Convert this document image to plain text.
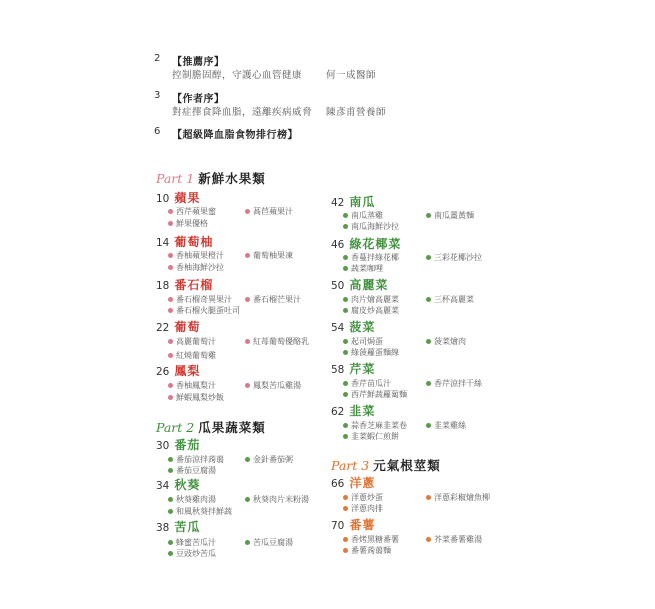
2 【推薦序】
控制膽固醇，守護心血管健康	何一成醫師
3 【作者序】
對症擇食降血脂，遠離疾病威脅 陳彥甫營養師
6 【超級降血脂食物排行榜】
Part 1 新鮮水果類
10 蘋果
西芹蘋果蜜	萵苣蘋果汁
鮮果優格
14 葡萄柚
香柚蘋果橙汁	葡萄柚果凍
香柚海鮮沙拉
18 番石榴
番石榴奇異果汁	番石榴芒果汁
番石榴火腿蛋吐司
22 葡萄
高麗葡萄汁	紅苺葡萄優酪乳
紅燒葡萄雞
26 鳳梨
香柚鳳梨汁	鳳梨苦瓜雞湯
鮮蝦鳳梨炒飯
Part 2 瓜果蔬菜類
30 番茄
番茄涼拌蒟蒻	金針番茄粥
番茄豆腐湯
34 秋葵
秋葵雞肉湯	秋葵肉片米粉湯
和風秋葵拌鮮蔬
38 苦瓜
蜂蜜苦瓜汁	苦瓜豆腐湯
豆豉炒苦瓜
42 南瓜
南瓜蒸雞	南瓜薑黃麵
南瓜海鮮沙拉
46 綠花椰菜
香蔓拌綠花椰	三彩花椰沙拉
蔬菜咖哩
50 高麗菜
肉片燴高麗菜	三杯高麗菜
腐皮炒高麗菜
54 菠菜
起司焗蛋	菠菜燴肉
綠菠蘿蛋麵線
58 芹菜
香芹苗瓜汁	香芹涼拌干絲
西芹鮮蔬蘿蔔麵
62 韭菜
蒜香芝麻韭菜卷	韭菜雞絲
韭菜蝦仁煎餅
Part 3 元氣根莖類
66 洋蔥
洋蔥炒蛋	洋蔥彩椒燴魚柳
洋蔥肉排
70 番薯
香烤黑糖番薯	芥菜番薯雞湯
番薯蒟蒻麵
